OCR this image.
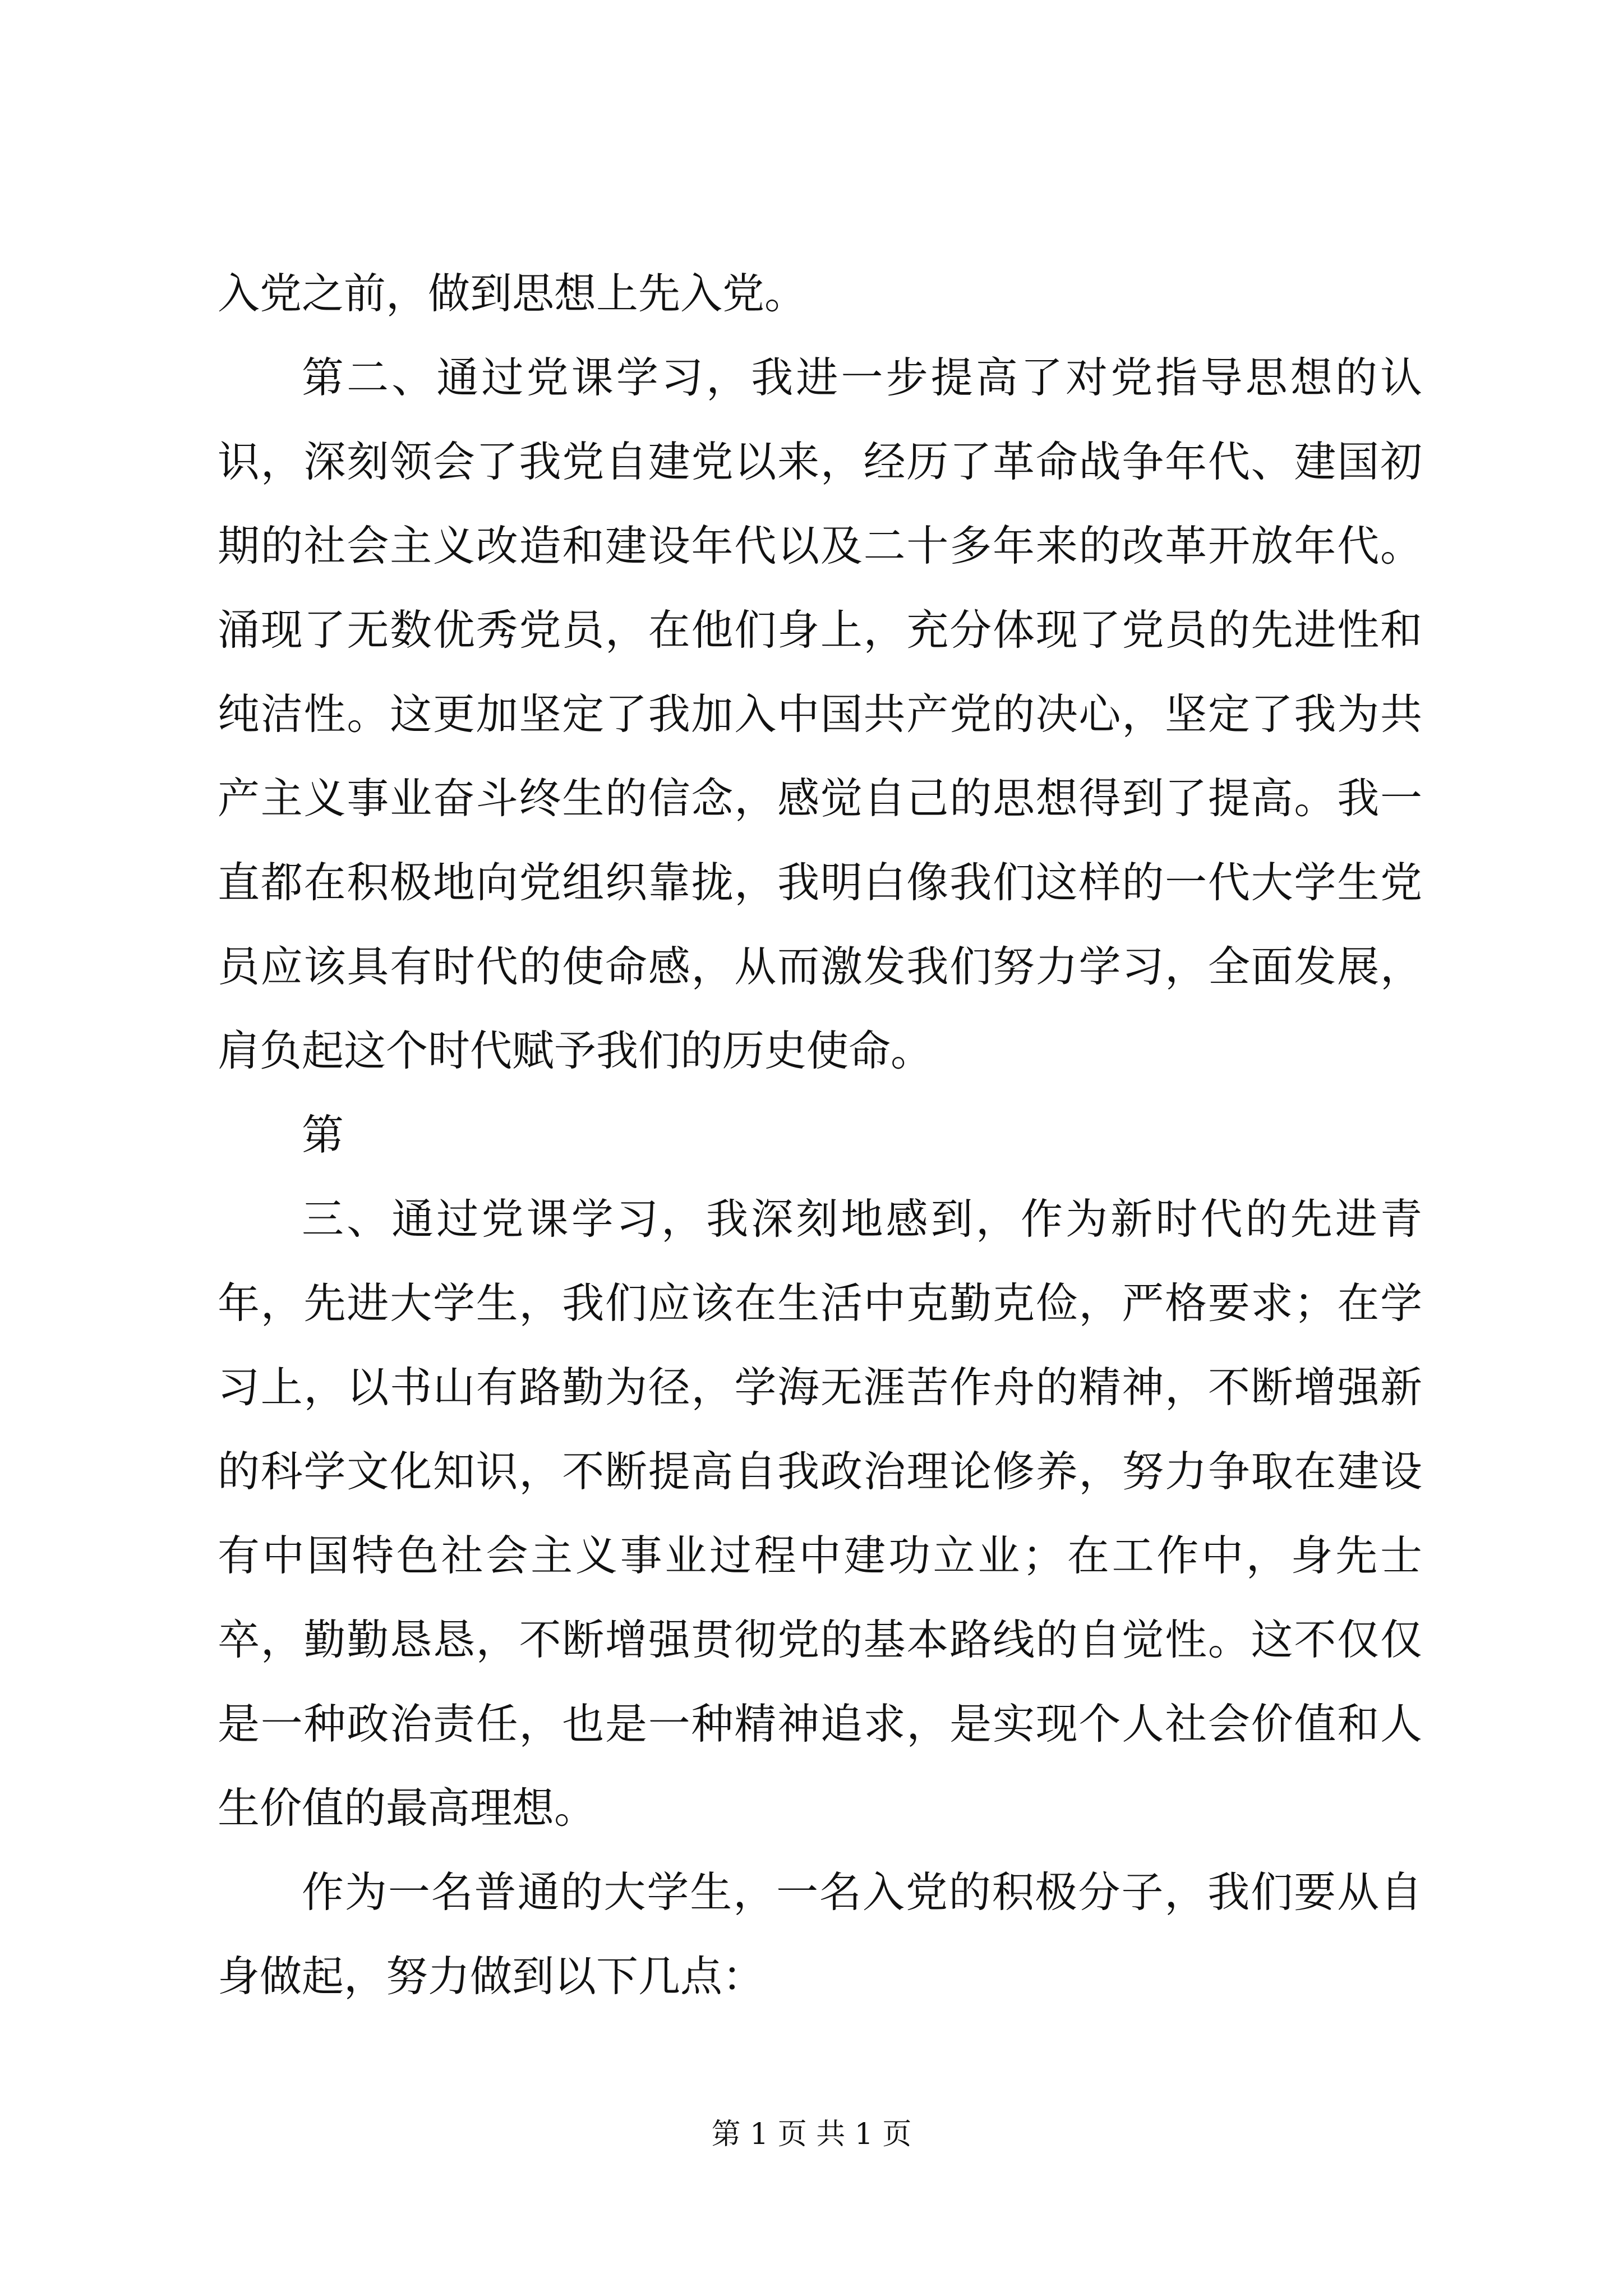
入党之前，做到思想上先入党。

第二、通过党课学习，我进一步提高了对党指导思想的认识，深刻领会了我党自建党以来，经历了革命战争年代、建国初期的社会主义改造和建设年代以及二十多年来的改革开放年代。涌现了无数优秀党员，在他们身上，充分体现了党员的先进性和纯洁性。这更加坚定了我加入中国共产党的决心，坚定了我为共产主义事业奋斗终生的信念，感觉自己的思想得到了提高。我一直都在积极地向党组织靠拢，我明白像我们这样的一代大学生党员应该具有时代的使命感，从而激发我们努力学习，全面发展，肩负起这个时代赋予我们的历史使命。

第

三、通过党课学习，我深刻地感到，作为新时代的先进青年，先进大学生，我们应该在生活中克勤克俭，严格要求；在学习上，以书山有路勤为径，学海无涯苦作舟的精神，不断增强新的科学文化知识，不断提高自我政治理论修养，努力争取在建设有中国特色社会主义事业过程中建功立业；在工作中，身先士卒，勤勤恳恳，不断增强贯彻党的基本路线的自觉性。这不仅仅是一种政治责任，也是一种精神追求，是实现个人社会价值和人生价值的最高理想。

作为一名普通的大学生，一名入党的积极分子，我们要从自身做起，努力做到以下几点：

第 1 页 共 1 页
